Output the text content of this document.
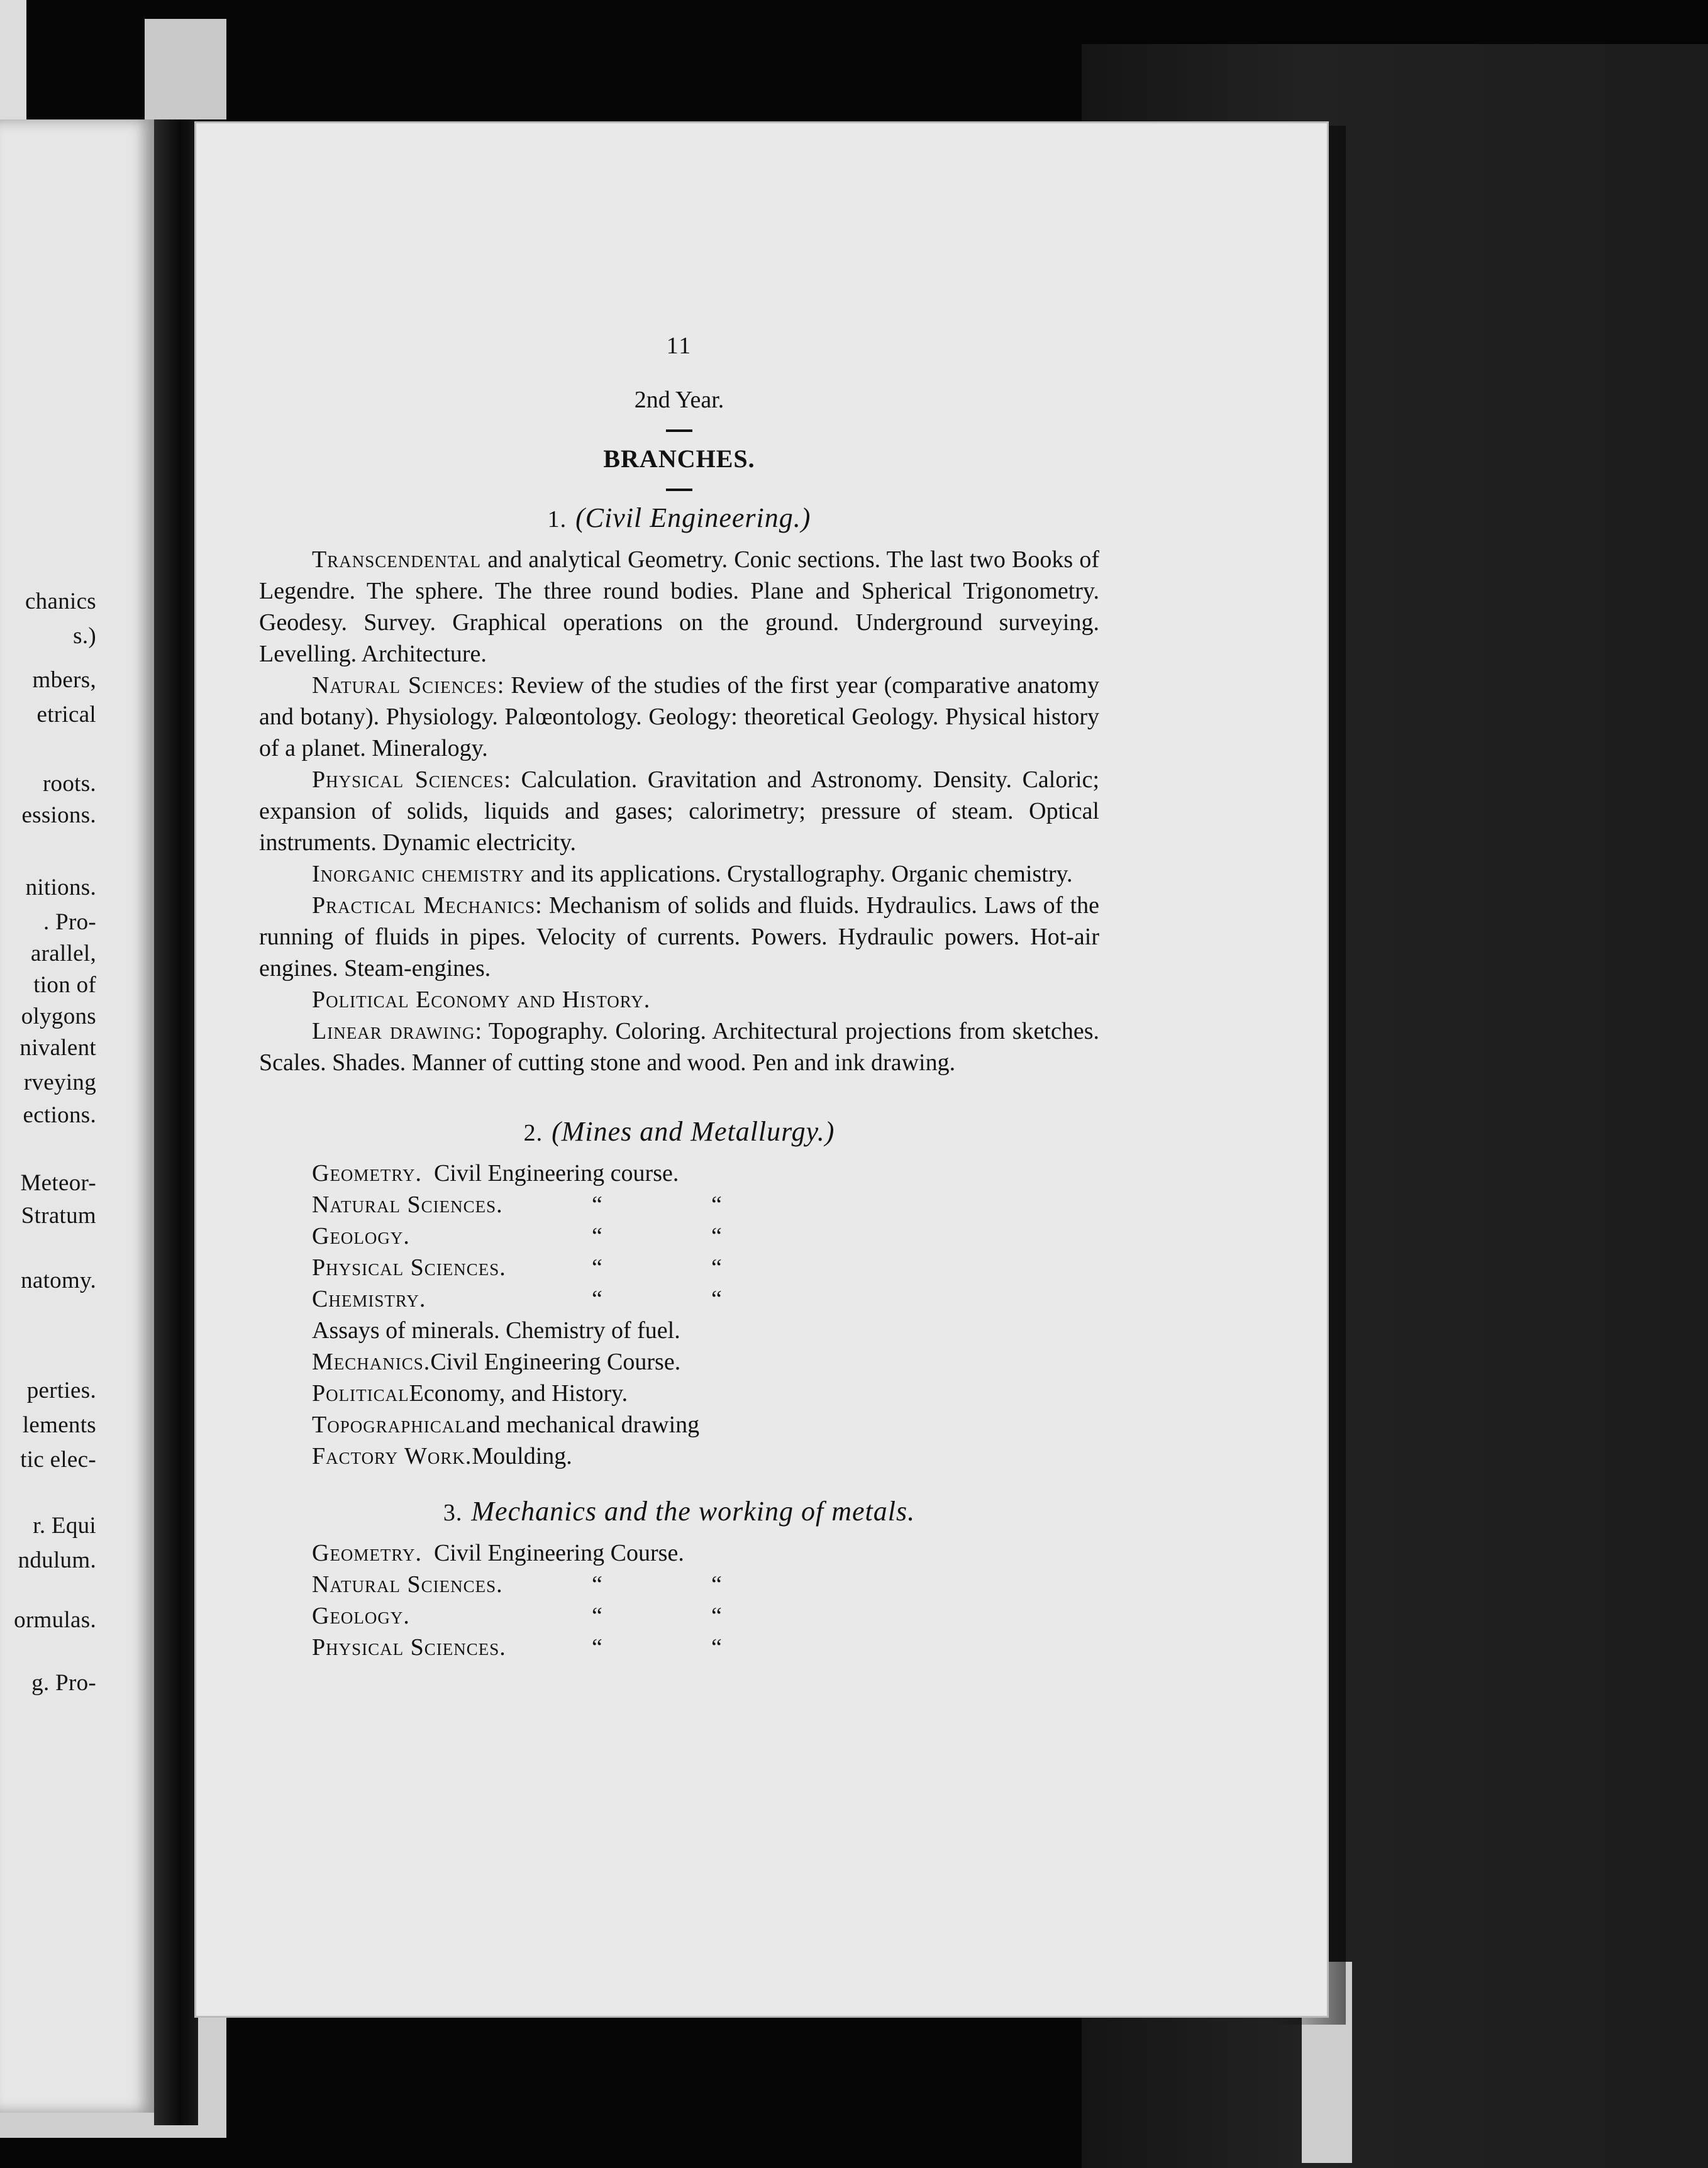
chanics
s.)
mbers,
etrical
roots.
essions.
nitions.
. Pro-
arallel,
tion of
olygons
nivalent
rveying
ections.
Meteor-
Stratum
natomy.
perties.
lements
tic elec-
r. Equi
ndulum.
ormulas.
g. Pro-
11
2nd Year.
BRANCHES.
1. (Civil Engineering.)

Transcendental and analytical Geometry. Conic sections. The last two Books of Legendre. The sphere. The three round bodies. Plane and Spherical Trigonometry. Geodesy. Survey. Graphical operations on the ground. Underground surveying. Levelling. Architecture.

Natural Sciences: Review of the studies of the first year (comparative anatomy and botany). Physiology. Palœontology. Geology: theoretical Geology. Physical history of a planet. Mineralogy.

Physical Sciences: Calculation. Gravitation and Astronomy. Density. Caloric; expansion of solids, liquids and gases; calorimetry; pressure of steam. Optical instruments. Dynamic electricity.

Inorganic chemistry and its applications. Crystallography. Organic chemistry.

Practical Mechanics: Mechanism of solids and fluids. Hydraulics. Laws of the running of fluids in pipes. Velocity of currents. Powers. Hydraulic powers. Hot-air engines. Steam-engines.

Political Economy and History.

Linear drawing: Topography. Coloring. Architectural projections from sketches. Scales. Shades. Manner of cutting stone and wood. Pen and ink drawing.

2. (Mines and Metallurgy.)
Geometry. Civil Engineering course.
Natural Sciences.	“	“
Geology.	“	“
Physical Sciences.	“	“
Chemistry.	“	“
Assays of minerals. Chemistry of fuel.
Mechanics. Civil Engineering Course.
Political Economy, and History.
Topographical and mechanical drawing
Factory Work. Moulding.
3. Mechanics and the working of metals.
Geometry. Civil Engineering Course.
Natural Sciences.	“	“
Geology.	“	“
Physical Sciences.	“	“
